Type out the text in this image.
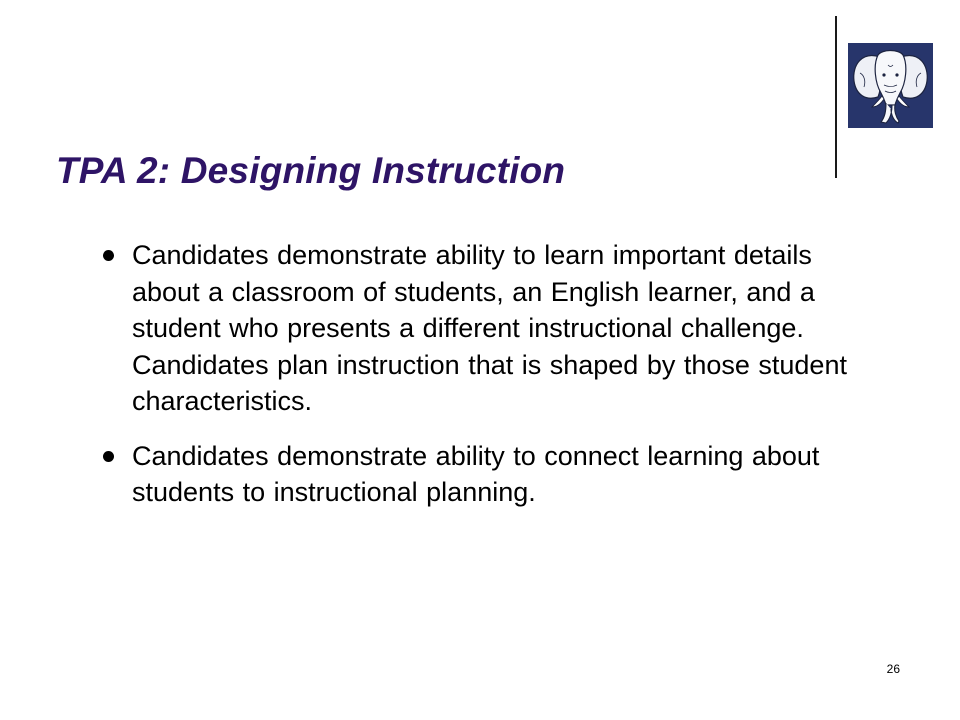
TPA 2: Designing Instruction
Candidates demonstrate ability to learn important details about a classroom of students, an English learner, and a student who presents a different instructional challenge. Candidates plan instruction that is shaped by those student characteristics.
Candidates demonstrate ability to connect learning about students to instructional planning.
26
